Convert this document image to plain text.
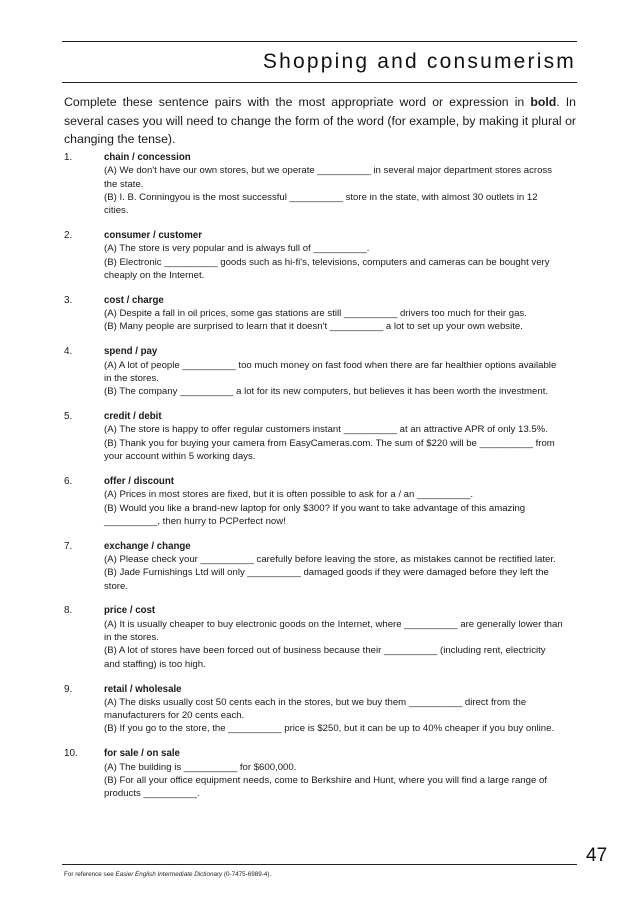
Shopping and consumerism

Complete these sentence pairs with the most appropriate word or expression in bold. In several cases you will need to change the form of the word (for example, by making it plural or changing the tense).

1.	chain / concession

(A) We don't have our own stores, but we operate __________ in several major department stores across the state.

(B) I. B. Conningyou is the most successful __________ store in the state, with almost 30 outlets in 12 cities.

2.	consumer / customer

(A) The store is very popular and is always full of __________.

(B) Electronic __________ goods such as hi-fi's, televisions, computers and cameras can be bought very cheaply on the Internet.

3.	cost / charge

(A) Despite a fall in oil prices, some gas stations are still __________ drivers too much for their gas.

(B) Many people are surprised to learn that it doesn't __________ a lot to set up your own website.

4.	spend / pay

(A) A lot of people __________ too much money on fast food when there are far healthier options available in the stores.

(B) The company __________ a lot for its new computers, but believes it has been worth the investment.

5.	credit / debit

(A) The store is happy to offer regular customers instant __________ at an attractive APR of only 13.5%.

(B) Thank you for buying your camera from EasyCameras.com. The sum of $220 will be __________ from your account within 5 working days.

6.	offer / discount

(A) Prices in most stores are fixed, but it is often possible to ask for a / an __________.

(B) Would you like a brand-new laptop for only $300? If you want to take advantage of this amazing __________, then hurry to PCPerfect now!

7.	exchange / change

(A) Please check your __________ carefully before leaving the store, as mistakes cannot be rectified later.

(B) Jade Furnishings Ltd will only __________ damaged goods if they were damaged before they left the store.

8.	price / cost

(A) It is usually cheaper to buy electronic goods on the Internet, where __________ are generally lower than in the stores.

(B) A lot of stores have been forced out of business because their __________ (including rent, electricity and staffing) is too high.

9.	retail / wholesale

(A) The disks usually cost 50 cents each in the stores, but we buy them __________ direct from the manufacturers for 20 cents each.

(B) If you go to the store, the __________ price is $250, but it can be up to 40% cheaper if you buy online.

10.	for sale / on sale

(A) The building is __________ for $600,000.

(B) For all your office equipment needs, come to Berkshire and Hunt, where you will find a large range of products __________.

47
For reference see Easier English Intermediate Dictionary (0-7475-6989-4).
